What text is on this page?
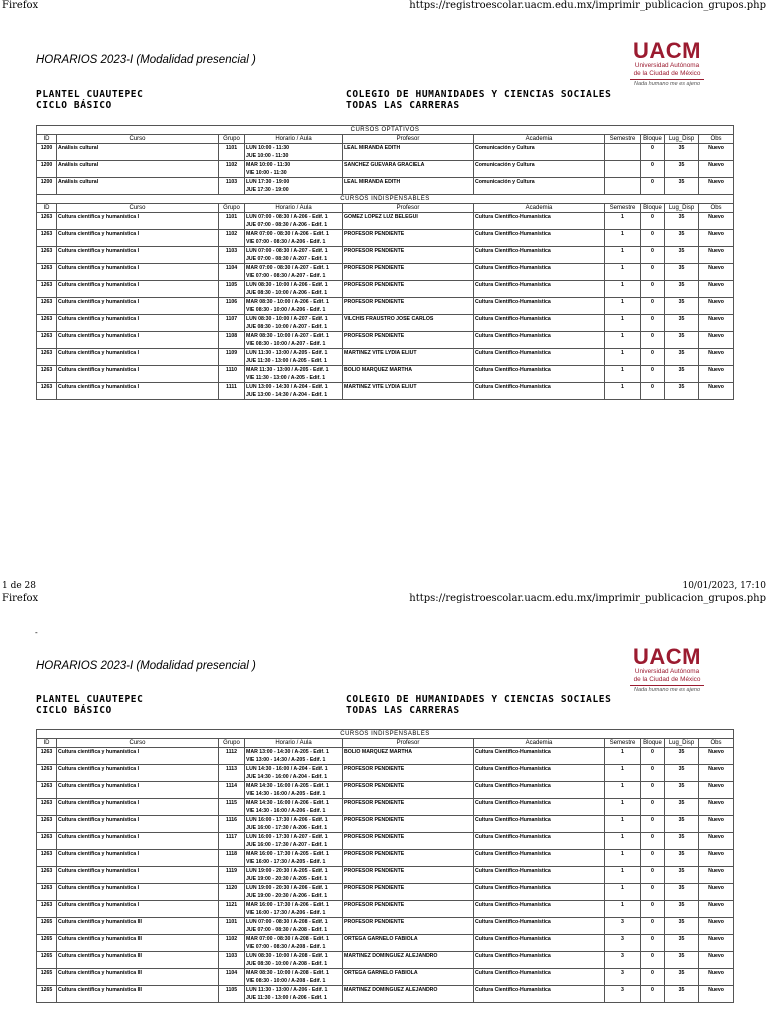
Firefox	https://registroescolar.uacm.edu.mx/imprimir_publicacion_grupos.php
HORARIOS 2023-I (Modalidad presencial )	UACM
Universidad Autónoma
de la Ciudad de México
Nada humano me es ajeno
PLANTEL CUAUTEPEC
CICLO BÁSICO
COLEGIO DE HUMANIDADES Y CIENCIAS SOCIALES
TODAS LAS CARRERAS
CURSOS OPTATIVOS									
ID	Curso	Grupo	Horario / Aula	Profesor	Academia	Semestre	Bloque	Lug_Disp	Obs
1200	Análisis cultural	1101	LUN 10:00 - 11:30
JUE 10:00 - 11:30	LEAL MIRANDA EDITH	Comunicación y Cultura		0	35	Nuevo
1200	Análisis cultural	1102	MAR 10:00 - 11:30
VIE 10:00 - 11:30	SANCHEZ GUEVARA GRACIELA	Comunicación y Cultura		0	35	Nuevo
1200	Análisis cultural	1103	LUN 17:30 - 19:00
JUE 17:30 - 19:00	LEAL MIRANDA EDITH	Comunicación y Cultura		0	35	Nuevo
CURSOS INDISPENSABLES									
ID	Curso	Grupo	Horario / Aula	Profesor	Academia	Semestre	Bloque	Lug_Disp	Obs
1263	Cultura científica y humanística I	1101	LUN 07:00 - 08:30 / A-206 - Edif. 1
JUE 07:00 - 08:30 / A-206 - Edif. 1	GOMEZ LOPEZ LUZ BELEGUI	Cultura Científico-Humanística	1	0	35	Nuevo
1263	Cultura científica y humanística I	1102	MAR 07:00 - 08:30 / A-206 - Edif. 1
VIE 07:00 - 08:30 / A-206 - Edif. 1	PROFESOR PENDIENTE	Cultura Científico-Humanística	1	0	35	Nuevo
1263	Cultura científica y humanística I	1103	LUN 07:00 - 08:30 / A-207 - Edif. 1
JUE 07:00 - 08:30 / A-207 - Edif. 1	PROFESOR PENDIENTE	Cultura Científico-Humanística	1	0	35	Nuevo
1263	Cultura científica y humanística I	1104	MAR 07:00 - 08:30 / A-207 - Edif. 1
VIE 07:00 - 08:30 / A-207 - Edif. 1	PROFESOR PENDIENTE	Cultura Científico-Humanística	1	0	35	Nuevo
1263	Cultura científica y humanística I	1105	LUN 08:30 - 10:00 / A-206 - Edif. 1
JUE 08:30 - 10:00 / A-206 - Edif. 1	PROFESOR PENDIENTE	Cultura Científico-Humanística	1	0	35	Nuevo
1263	Cultura científica y humanística I	1106	MAR 08:30 - 10:00 / A-206 - Edif. 1
VIE 08:30 - 10:00 / A-206 - Edif. 1	PROFESOR PENDIENTE	Cultura Científico-Humanística	1	0	35	Nuevo
1263	Cultura científica y humanística I	1107	LUN 08:30 - 10:00 / A-207 - Edif. 1
JUE 08:30 - 10:00 / A-207 - Edif. 1	VILCHIS FRAUSTRO JOSE CARLOS	Cultura Científico-Humanística	1	0	35	Nuevo
1263	Cultura científica y humanística I	1108	MAR 08:30 - 10:00 / A-207 - Edif. 1
VIE 08:30 - 10:00 / A-207 - Edif. 1	PROFESOR PENDIENTE	Cultura Científico-Humanística	1	0	35	Nuevo
1263	Cultura científica y humanística I	1109	LUN 11:30 - 13:00 / A-205 - Edif. 1
JUE 11:30 - 13:00 / A-205 - Edif. 1	MARTINEZ VITE LYDIA ELIUT	Cultura Científico-Humanística	1	0	35	Nuevo
1263	Cultura científica y humanística I	1110	MAR 11:30 - 13:00 / A-205 - Edif. 1
VIE 11:30 - 13:00 / A-205 - Edif. 1	BOLIO MARQUEZ MARTHA	Cultura Científico-Humanística	1	0	35	Nuevo
1263	Cultura científica y humanística I	1111	LUN 13:00 - 14:30 / A-204 - Edif. 1
JUE 13:00 - 14:30 / A-204 - Edif. 1	MARTINEZ VITE LYDIA ELIUT	Cultura Científico-Humanística	1	0	35	Nuevo
1 de 28	10/01/2023, 17:10
Firefox	https://registroescolar.uacm.edu.mx/imprimir_publicacion_grupos.php
-
HORARIOS 2023-I (Modalidad presencial )	UACM
Universidad Autónoma
de la Ciudad de México
Nada humano me es ajeno
PLANTEL CUAUTEPEC
CICLO BÁSICO
COLEGIO DE HUMANIDADES Y CIENCIAS SOCIALES
TODAS LAS CARRERAS
CURSOS INDISPENSABLES									
ID	Curso	Grupo	Horario / Aula	Profesor	Academia	Semestre	Bloque	Lug_Disp	Obs
1263	Cultura científica y humanística I	1112	MAR 13:00 - 14:30 / A-205 - Edif. 1
VIE 13:00 - 14:30 / A-205 - Edif. 1	BOLIO MARQUEZ MARTHA	Cultura Científico-Humanística	1	0	35	Nuevo
1263	Cultura científica y humanística I	1113	LUN 14:30 - 16:00 / A-204 - Edif. 1
JUE 14:30 - 16:00 / A-204 - Edif. 1	PROFESOR PENDIENTE	Cultura Científico-Humanística	1	0	35	Nuevo
1263	Cultura científica y humanística I	1114	MAR 14:30 - 16:00 / A-205 - Edif. 1
VIE 14:30 - 16:00 / A-205 - Edif. 1	PROFESOR PENDIENTE	Cultura Científico-Humanística	1	0	35	Nuevo
1263	Cultura científica y humanística I	1115	MAR 14:30 - 16:00 / A-206 - Edif. 1
VIE 14:30 - 16:00 / A-206 - Edif. 1	PROFESOR PENDIENTE	Cultura Científico-Humanística	1	0	35	Nuevo
1263	Cultura científica y humanística I	1116	LUN 16:00 - 17:30 / A-206 - Edif. 1
JUE 16:00 - 17:30 / A-206 - Edif. 1	PROFESOR PENDIENTE	Cultura Científico-Humanística	1	0	35	Nuevo
1263	Cultura científica y humanística I	1117	LUN 16:00 - 17:30 / A-207 - Edif. 1
JUE 16:00 - 17:30 / A-207 - Edif. 1	PROFESOR PENDIENTE	Cultura Científico-Humanística	1	0	35	Nuevo
1263	Cultura científica y humanística I	1118	MAR 16:00 - 17:30 / A-205 - Edif. 1
VIE 16:00 - 17:30 / A-205 - Edif. 1	PROFESOR PENDIENTE	Cultura Científico-Humanística	1	0	35	Nuevo
1263	Cultura científica y humanística I	1119	LUN 19:00 - 20:30 / A-205 - Edif. 1
JUE 19:00 - 20:30 / A-205 - Edif. 1	PROFESOR PENDIENTE	Cultura Científico-Humanística	1	0	35	Nuevo
1263	Cultura científica y humanística I	1120	LUN 19:00 - 20:30 / A-206 - Edif. 1
JUE 19:00 - 20:30 / A-206 - Edif. 1	PROFESOR PENDIENTE	Cultura Científico-Humanística	1	0	35	Nuevo
1263	Cultura científica y humanística I	1121	MAR 16:00 - 17:30 / A-206 - Edif. 1
VIE 16:00 - 17:30 / A-206 - Edif. 1	PROFESOR PENDIENTE	Cultura Científico-Humanística	1	0	35	Nuevo
1265	Cultura científica y humanística III	1101	LUN 07:00 - 08:30 / A-208 - Edif. 1
JUE 07:00 - 08:30 / A-208 - Edif. 1	PROFESOR PENDIENTE	Cultura Científico-Humanística	3	0	35	Nuevo
1265	Cultura científica y humanística III	1102	MAR 07:00 - 08:30 / A-208 - Edif. 1
VIE 07:00 - 08:30 / A-208 - Edif. 1	ORTEGA GARNELO FABIOLA	Cultura Científico-Humanística	3	0	35	Nuevo
1265	Cultura científica y humanística III	1103	LUN 08:30 - 10:00 / A-208 - Edif. 1
JUE 08:30 - 10:00 / A-208 - Edif. 1	MARTINEZ DOMINGUEZ ALEJANDRO	Cultura Científico-Humanística	3	0	35	Nuevo
1265	Cultura científica y humanística III	1104	MAR 08:30 - 10:00 / A-208 - Edif. 1
VIE 08:30 - 10:00 / A-208 - Edif. 1	ORTEGA GARNELO FABIOLA	Cultura Científico-Humanística	3	0	35	Nuevo
1265	Cultura científica y humanística III	1105	LUN 11:30 - 13:00 / A-206 - Edif. 1
JUE 11:30 - 13:00 / A-206 - Edif. 1	MARTINEZ DOMINGUEZ ALEJANDRO	Cultura Científico-Humanística	3	0	35	Nuevo
